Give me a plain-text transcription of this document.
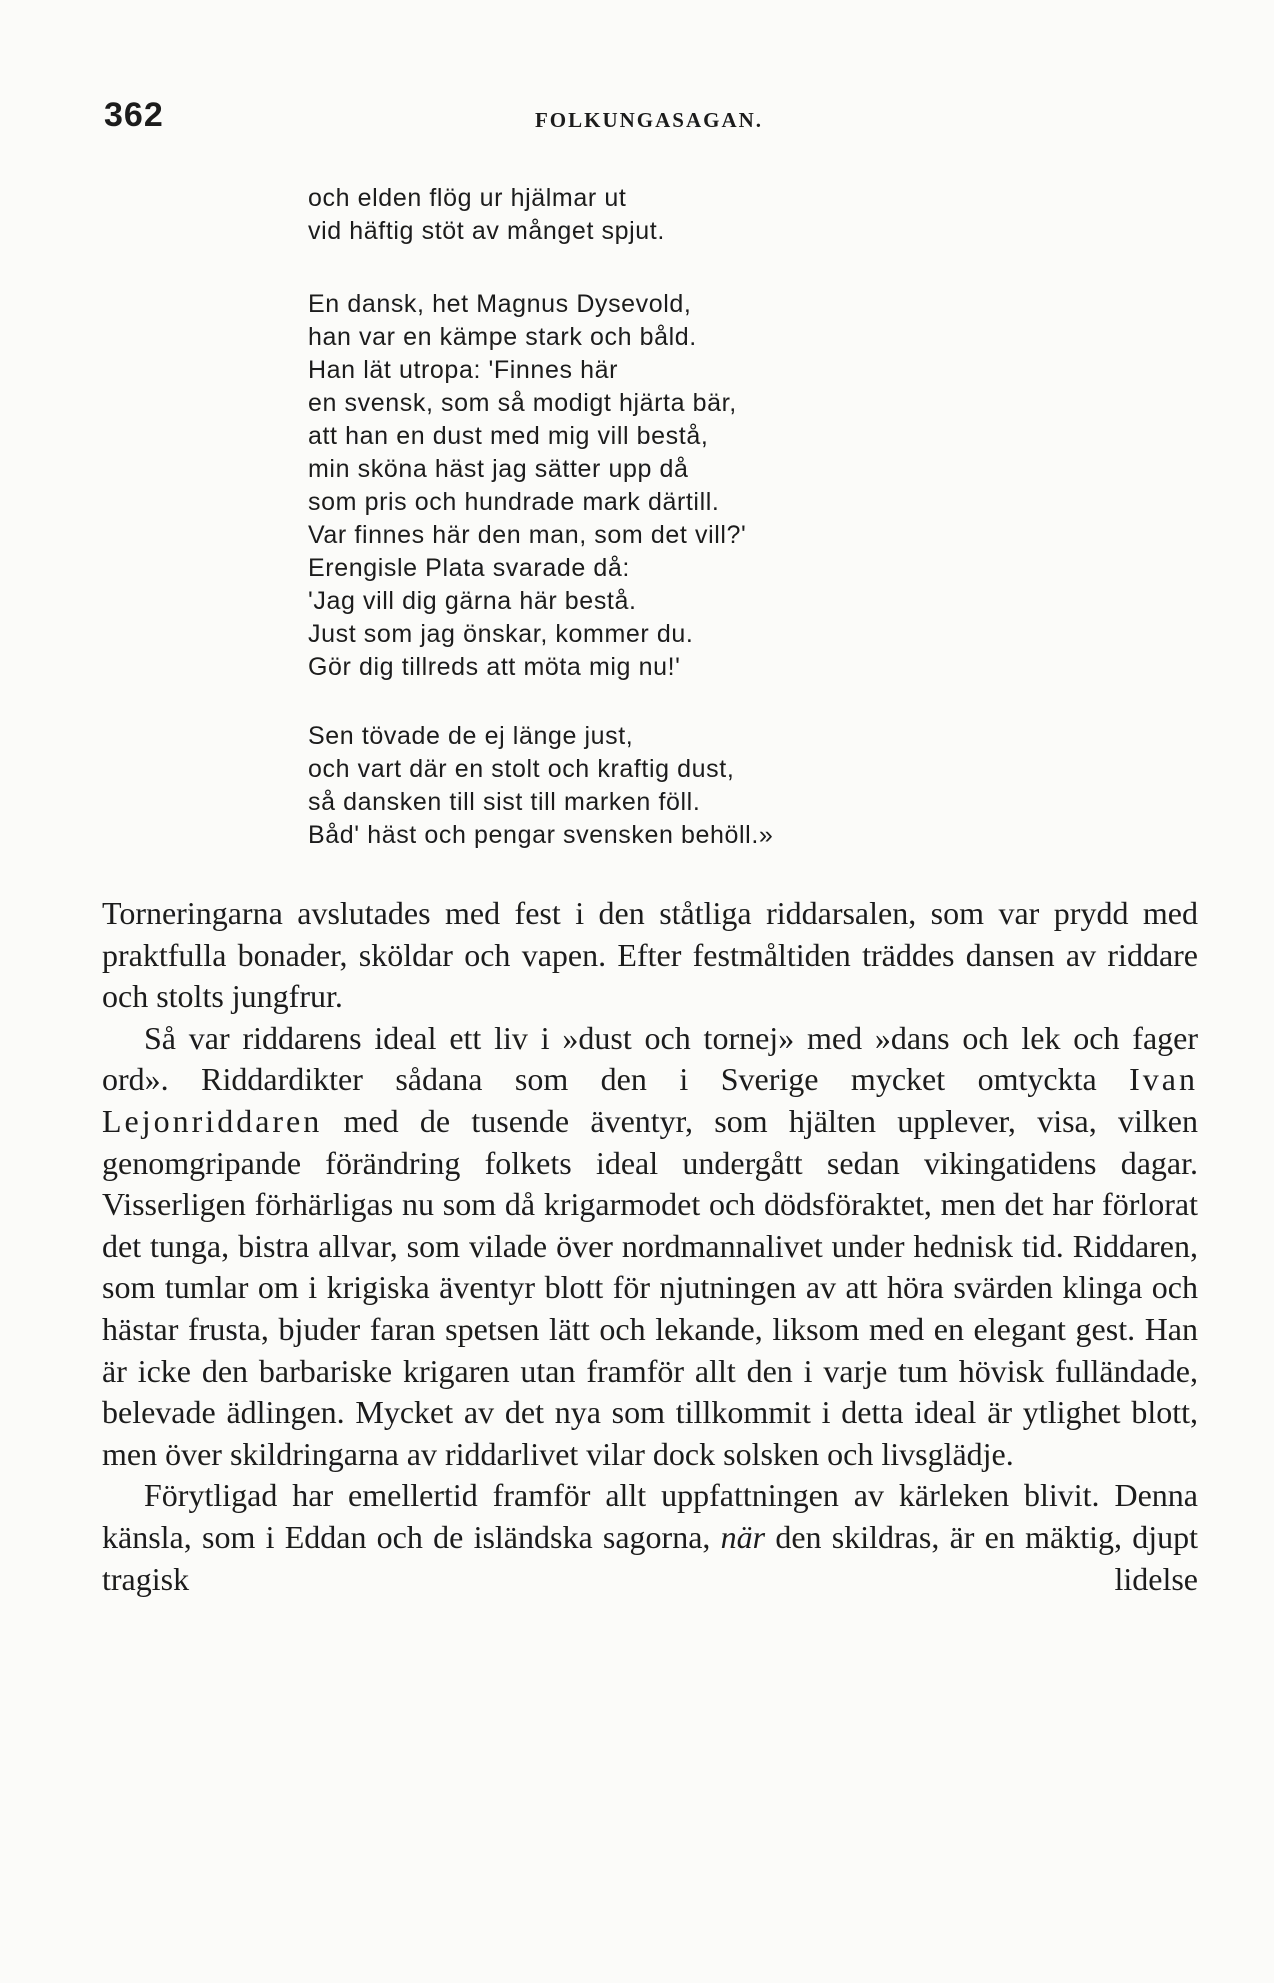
362	FOLKUNGASAGAN.
och elden flög ur hjälmar ut
vid häftig stöt av månget spjut.
En dansk, het Magnus Dysevold,
han var en kämpe stark och båld.
Han lät utropa: 'Finnes här
en svensk, som så modigt hjärta bär,
att han en dust med mig vill bestå,
min sköna häst jag sätter upp då
som pris och hundrade mark därtill.
Var finnes här den man, som det vill?'
Erengisle Plata svarade då:
'Jag vill dig gärna här bestå.
Just som jag önskar, kommer du.
Gör dig tillreds att möta mig nu!'
Sen tövade de ej länge just,
och vart där en stolt och kraftig dust,
så dansken till sist till marken föll.
Båd' häst och pengar svensken behöll.»

Torneringarna avslutades med fest i den ståtliga riddarsalen, som var prydd med praktfulla bonader, sköldar och vapen. Efter festmåltiden träddes dansen av riddare och stolts jungfrur.

Så var riddarens ideal ett liv i »dust och tornej» med »dans och lek och fager ord». Riddardikter sådana som den i Sverige mycket omtyckta Ivan Lejonriddaren med de tusende äventyr, som hjälten upplever, visa, vilken genomgripande förändring folkets ideal undergått sedan vikingatidens dagar. Visserligen förhärligas nu som då krigarmodet och dödsföraktet, men det har förlorat det tunga, bistra allvar, som vilade över nordmannalivet under hednisk tid. Riddaren, som tumlar om i krigiska äventyr blott för njutningen av att höra svärden klinga och hästar frusta, bjuder faran spetsen lätt och lekande, liksom med en elegant gest. Han är icke den barbariske krigaren utan framför allt den i varje tum hövisk fulländade, belevade ädlingen. Mycket av det nya som tillkommit i detta ideal är ytlighet blott, men över skildringarna av riddarlivet vilar dock solsken och livsglädje.

Förytligad har emellertid framför allt uppfattningen av kärleken blivit. Denna känsla, som i Eddan och de isländska sagorna, när den skildras, är en mäktig, djupt tragisk lidelse
